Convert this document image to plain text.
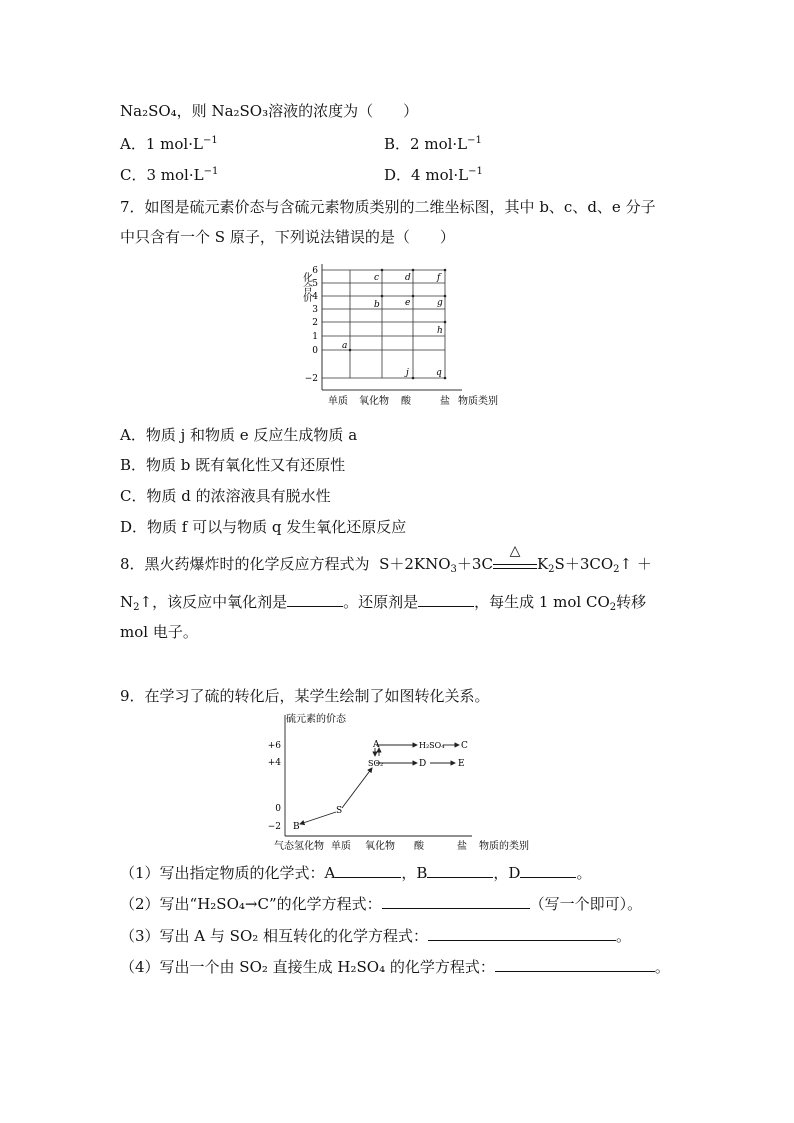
Na₂SO₄，则 Na₂SO₃溶液的浓度为（　　）
A．1 $mol\cdot L^{-1}$	B．2 $mol\cdot L^{-1}$
C．3 $mol\cdot L^{-1}$	D．4 $mol\cdot L^{-1}$
7．如图是硫元素价态与含硫元素物质类别的二维坐标图，其中 b、c、d、e 分子
中只含有一个 S 原子，下列说法错误的是（　　）
化合价
6
5
4
3
2
1
0
−2
单质 氧化物 酸	盐 物质类别
a
b
c	d
e
f
g
h
j	q
A．物质 j 和物质 e 反应生成物质 a
B．物质 b 既有氧化性又有还原性
C．物质 d 的浓溶液具有脱水性
D．物质 f 可以与物质 q 发生氧化还原反应
8．黑火药爆炸时的化学反应方程式为 $S+2KNO_3+3C$
△
$K_2S+3CO_2↑$ ＋
$N_2↑$，该反应中氧化剂是	。还原剂是	，每生成 1 mol $CO_2$转移
mol 电子。
9．在学习了硫的转化后，某学生绘制了如图转化关系。
硫元素的价态
+6
+4
0
−2
气态氢化物 单质 氧化物 酸	盐 物质的类别
A	H₂SO₄ C
SO₂	D	E
S
B
（1）写出指定物质的化学式：A	，B	，D	。
（2）写出“H₂SO₄→C”的化学方程式：	（写一个即可）。
（3）写出 A 与 SO₂ 相互转化的化学方程式：	。
（4）写出一个由 SO₂ 直接生成 H₂SO₄ 的化学方程式：	。
